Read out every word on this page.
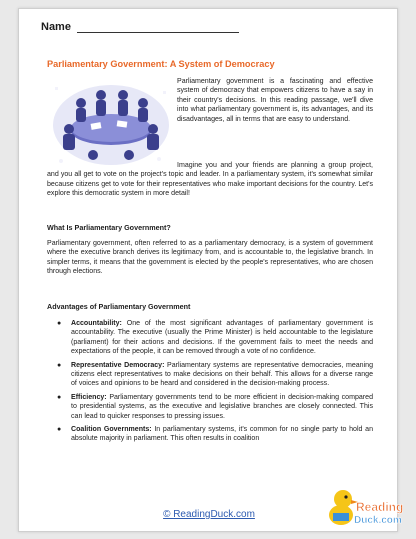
Name
Parliamentary Government: A System of Democracy

Parliamentary government is a fascinating and effective system of democracy that empowers citizens to have a say in their country's decisions. In this reading passage, we'll dive into what parliamentary government is, its advantages, and its disadvantages, all in terms that are easy to understand.

Imagine you and your friends are planning a group project, and you all get to vote on the project's topic and leader. In a parliamentary system, it's somewhat similar because citizens get to vote for their representatives who make important decisions for the country. Let's explore this democratic system in more detail!

What Is Parliamentary Government?

Parliamentary government, often referred to as a parliamentary democracy, is a system of government where the executive branch derives its legitimacy from, and is accountable to, the legislative branch. In simpler terms, it means that the government is elected by the people's representatives, who are chosen through elections.

Advantages of Parliamentary Government
● Accountability: One of the most significant advantages of parliamentary government is accountability. The executive (usually the Prime Minister) is held accountable to the legislature (parliament) for their actions and decisions. If the government fails to meet the needs and expectations of the people, it can be removed through a vote of no confidence.
● Representative Democracy: Parliamentary systems are representative democracies, meaning citizens elect representatives to make decisions on their behalf. This allows for a diverse range of voices and opinions to be heard and considered in the decision-making process.
● Efficiency: Parliamentary governments tend to be more efficient in decision-making compared to presidential systems, as the executive and legislative branches are closely connected. This can lead to quicker responses to pressing issues.
● Coalition Governments: In parliamentary systems, it's common for no single party to hold an absolute majority in parliament. This often results in coalition
© ReadingDuck.com
Reading
Duck.com
